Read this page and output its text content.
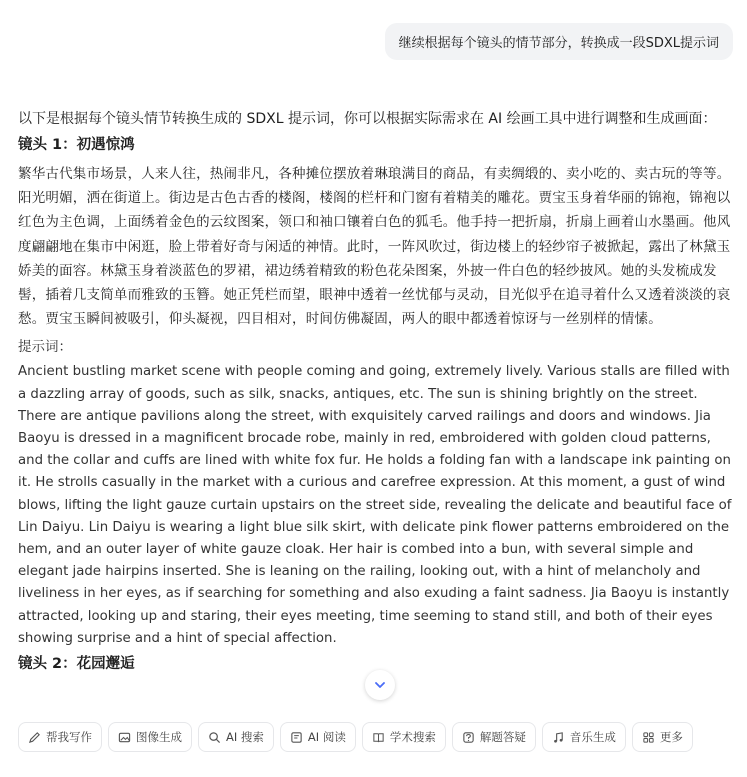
继续根据每个镜头的情节部分，转换成一段SDXL提示词

以下是根据每个镜头情节转换生成的 SDXL 提示词，你可以根据实际需求在 AI 绘画工具中进行调整和生成画面：

镜头 1：初遇惊鸿

繁华古代集市场景，人来人往，热闹非凡，各种摊位摆放着琳琅满目的商品，有卖绸缎的、卖小吃的、卖古玩的等等。阳光明媚，洒在街道上。街边是古色古香的楼阁，楼阁的栏杆和门窗有着精美的雕花。贾宝玉身着华丽的锦袍，锦袍以红色为主色调，上面绣着金色的云纹图案，领口和袖口镶着白色的狐毛。他手持一把折扇，折扇上画着山水墨画。他风度翩翩地在集市中闲逛，脸上带着好奇与闲适的神情。此时，一阵风吹过，街边楼上的轻纱帘子被掀起，露出了林黛玉娇美的面容。林黛玉身着淡蓝色的罗裙，裙边绣着精致的粉色花朵图案，外披一件白色的轻纱披风。她的头发梳成发髻，插着几支简单而雅致的玉簪。她正凭栏而望，眼神中透着一丝忧郁与灵动，目光似乎在追寻着什么又透着淡淡的哀愁。贾宝玉瞬间被吸引，仰头凝视，四目相对，时间仿佛凝固，两人的眼中都透着惊讶与一丝别样的情愫。

提示词：

Ancient bustling market scene with people coming and going, extremely lively. Various stalls are filled with a dazzling array of goods, such as silk, snacks, antiques, etc. The sun is shining brightly on the street. There are antique pavilions along the street, with exquisitely carved railings and doors and windows. Jia Baoyu is dressed in a magnificent brocade robe, mainly in red, embroidered with golden cloud patterns, and the collar and cuffs are lined with white fox fur. He holds a folding fan with a landscape ink painting on it. He strolls casually in the market with a curious and carefree expression. At this moment, a gust of wind blows, lifting the light gauze curtain upstairs on the street side, revealing the delicate and beautiful face of Lin Daiyu. Lin Daiyu is wearing a light blue silk skirt, with delicate pink flower patterns embroidered on the hem, and an outer layer of white gauze cloak. Her hair is combed into a bun, with several simple and elegant jade hairpins inserted. She is leaning on the railing, looking out, with a hint of melancholy and liveliness in her eyes, as if searching for something and also exuding a faint sadness. Jia Baoyu is instantly attracted, looking up and staring, their eyes meeting, time seeming to stand still, and both of their eyes showing surprise and a hint of special affection.

镜头 2：花园邂逅
帮我写作	图像生成	AI 搜索	AI 阅读	学术搜索	解题答疑	音乐生成	更多
